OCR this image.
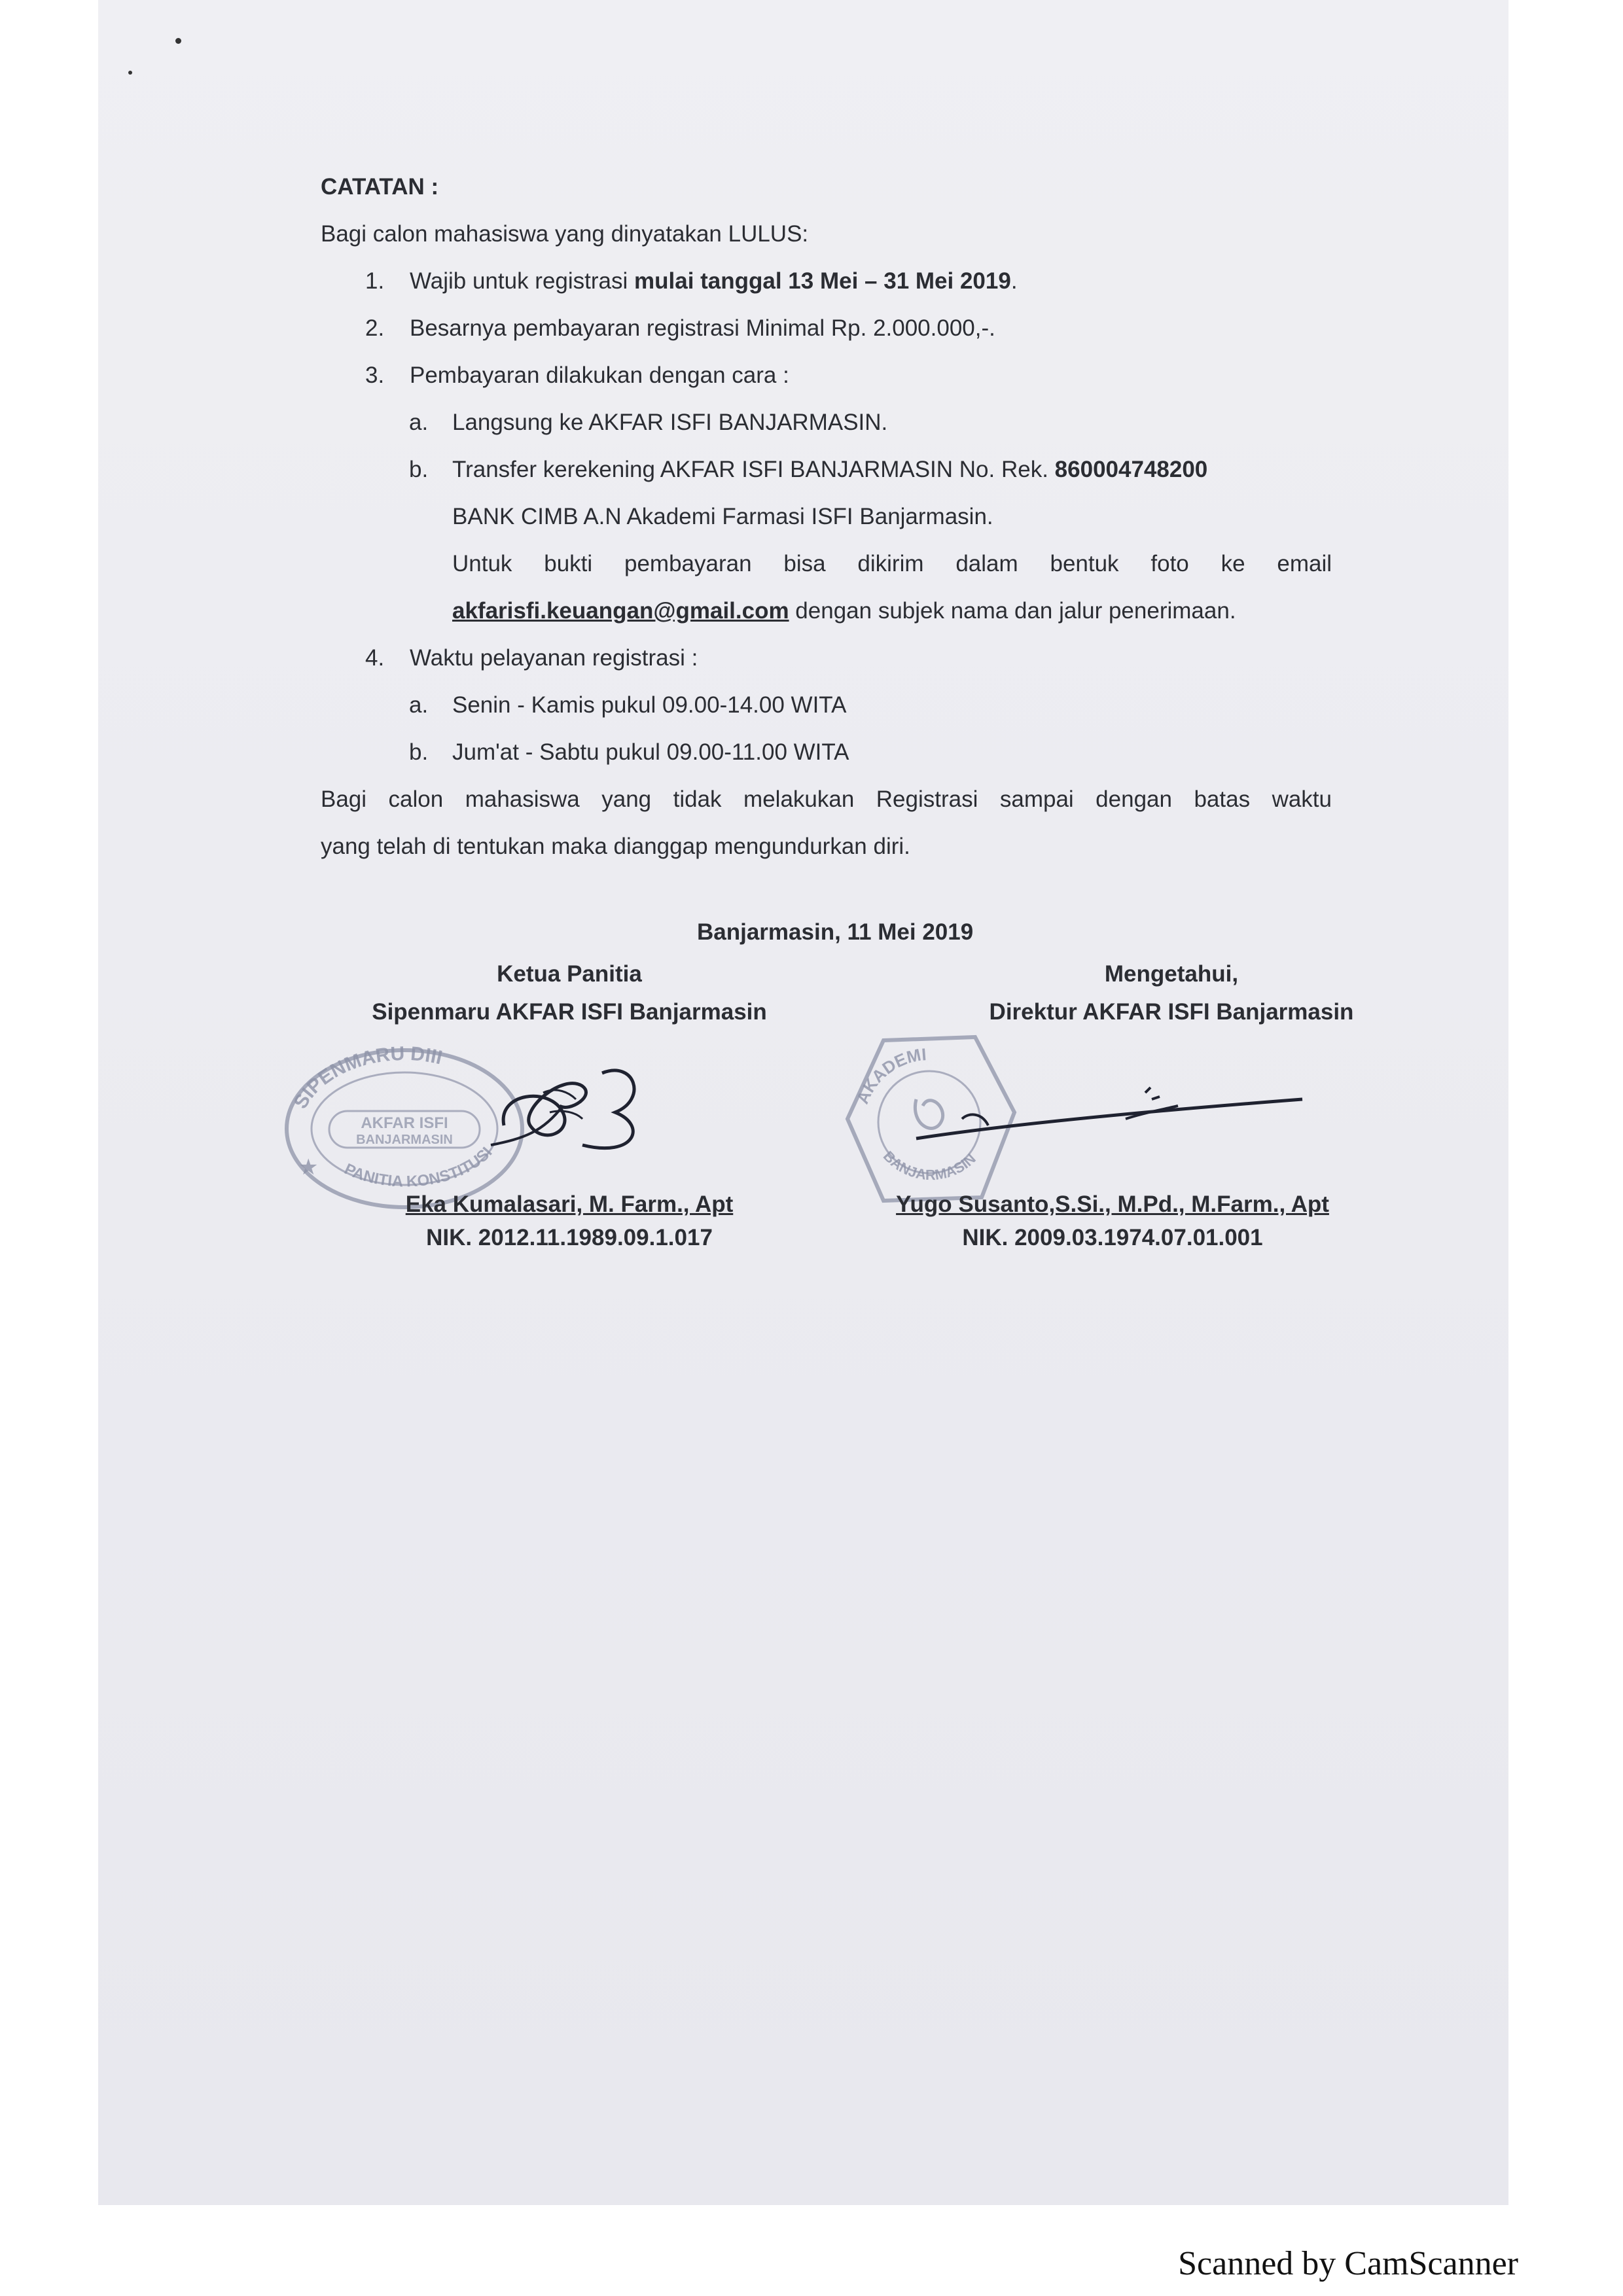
CATATAN :
Bagi calon mahasiswa yang dinyatakan LULUS:
1. Wajib untuk registrasi mulai tanggal 13 Mei – 31 Mei 2019.
2. Besarnya pembayaran registrasi Minimal Rp. 2.000.000,-.
3. Pembayaran dilakukan dengan cara :
a. Langsung ke AKFAR ISFI BANJARMASIN.
b. Transfer kerekening AKFAR ISFI BANJARMASIN No. Rek. 860004748200
BANK CIMB A.N Akademi Farmasi ISFI Banjarmasin.
Untuk bukti pembayaran bisa dikirim dalam bentuk foto ke email
akfarisfi.keuangan@gmail.com dengan subjek nama dan jalur penerimaan.
4. Waktu pelayanan registrasi :
a. Senin - Kamis pukul 09.00-14.00 WITA
b. Jum'at - Sabtu pukul 09.00-11.00 WITA
Bagi calon mahasiswa yang tidak melakukan Registrasi sampai dengan batas waktu
yang telah di tentukan maka dianggap mengundurkan diri.
Banjarmasin, 11 Mei 2019
Ketua Panitia
Sipenmaru AKFAR ISFI Banjarmasin
Mengetahui,
Direktur AKFAR ISFI Banjarmasin
SIPENMARU DIII
PANITIA KONSTITUSI
AKFAR ISFI
BANJARMASIN
★
AKADEMI
BANJARMASIN
Eka Kumalasari, M. Farm., Apt
NIK. 2012.11.1989.09.1.017
Yugo Susanto,S.Si., M.Pd., M.Farm., Apt
NIK. 2009.03.1974.07.01.001
Scanned by CamScanner
